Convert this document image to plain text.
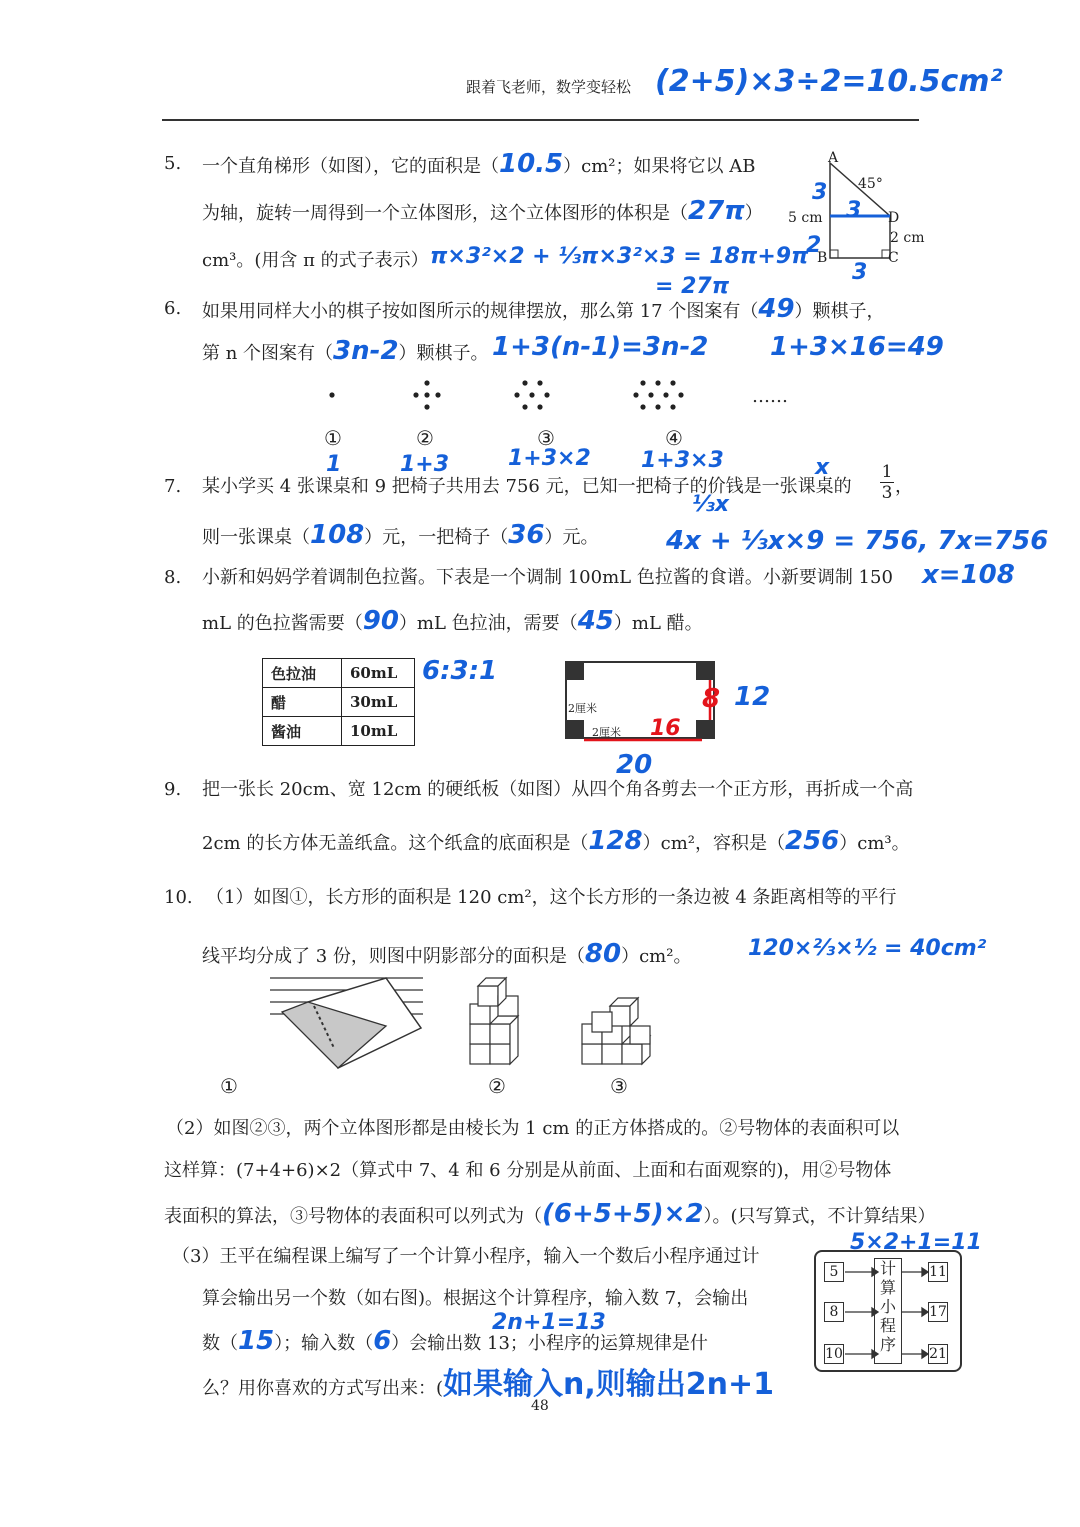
跟着飞老师，数学变轻松 (2+5)×3÷2=10.5cm²
5. 一个直角梯形（如图），它的面积是（10.5）cm²；如果将它以 AB
为轴，旋转一周得到一个立体图形，这个立体图形的体积是（27π）
cm³。(用含 π 的式子表示） π×3²×2 + ⅓π×3²×3 = 18π+9π
= 27π
A
45°
D
2 cm
5 cm
B	C
3
3
2
3
6. 如果用同样大小的棋子按如图所示的规律摆放，那么第 17 个图案有（49）颗棋子，
第 n 个图案有（3n-2）颗棋子。 1+3(n-1)=3n-2 1+3×16=49
……
①	②	③	④
1	1+3	1+3×2 1+3×3
7. 某小学买 4 张课桌和 9 把椅子共用去 756 元，已知一把椅子的价钱是一张课桌的
1
3 ，
x
⅓x
则一张课桌（108）元，一把椅子（36）元。	4x + ⅓x×9 = 756, 7x=756
x=108
8. 小新和妈妈学着调制色拉酱。下表是一个调制 100mL 色拉酱的食谱。小新要调制 150
mL 的色拉酱需要（90）mL 色拉油，需要（45）mL 醋。
色拉油	60mL
醋	30mL
酱油	10mL
6:3:1
2厘米
2厘米 16
8 12
20
9. 把一张长 20cm、宽 12cm 的硬纸板（如图）从四个角各剪去一个正方形，再折成一个高
2cm 的长方体无盖纸盒。这个纸盒的底面积是（128）cm²，容积是（256）cm³。
10. （1）如图①，长方形的面积是 120 cm²，这个长方形的一条边被 4 条距离相等的平行
线平均分成了 3 份，则图中阴影部分的面积是（80）cm²。	120×⅔×½ = 40cm²
①	②	③
（2）如图②③，两个立体图形都是由棱长为 1 cm 的正方体搭成的。②号物体的表面积可以
这样算：(7+4+6)×2（算式中 7、4 和 6 分别是从前面、上面和右面观察的)，用②号物体
表面积的算法，③号物体的表面积可以列式为（(6+5+5)×2）。(只写算式，不计算结果）
（3）王平在编程课上编写了一个计算小程序，输入一个数后小程序通过计
算会输出另一个数（如右图)。根据这个计算程序，输入数 7，会输出
数（15）；输入数（6）会输出数 13；小程序的运算规律是什
2n+1=13
么？用你喜欢的方式写出来：(如果输入n,则输出2n+1
5×2+1=11
5
8
10
计算小程序
11
17
21
48
